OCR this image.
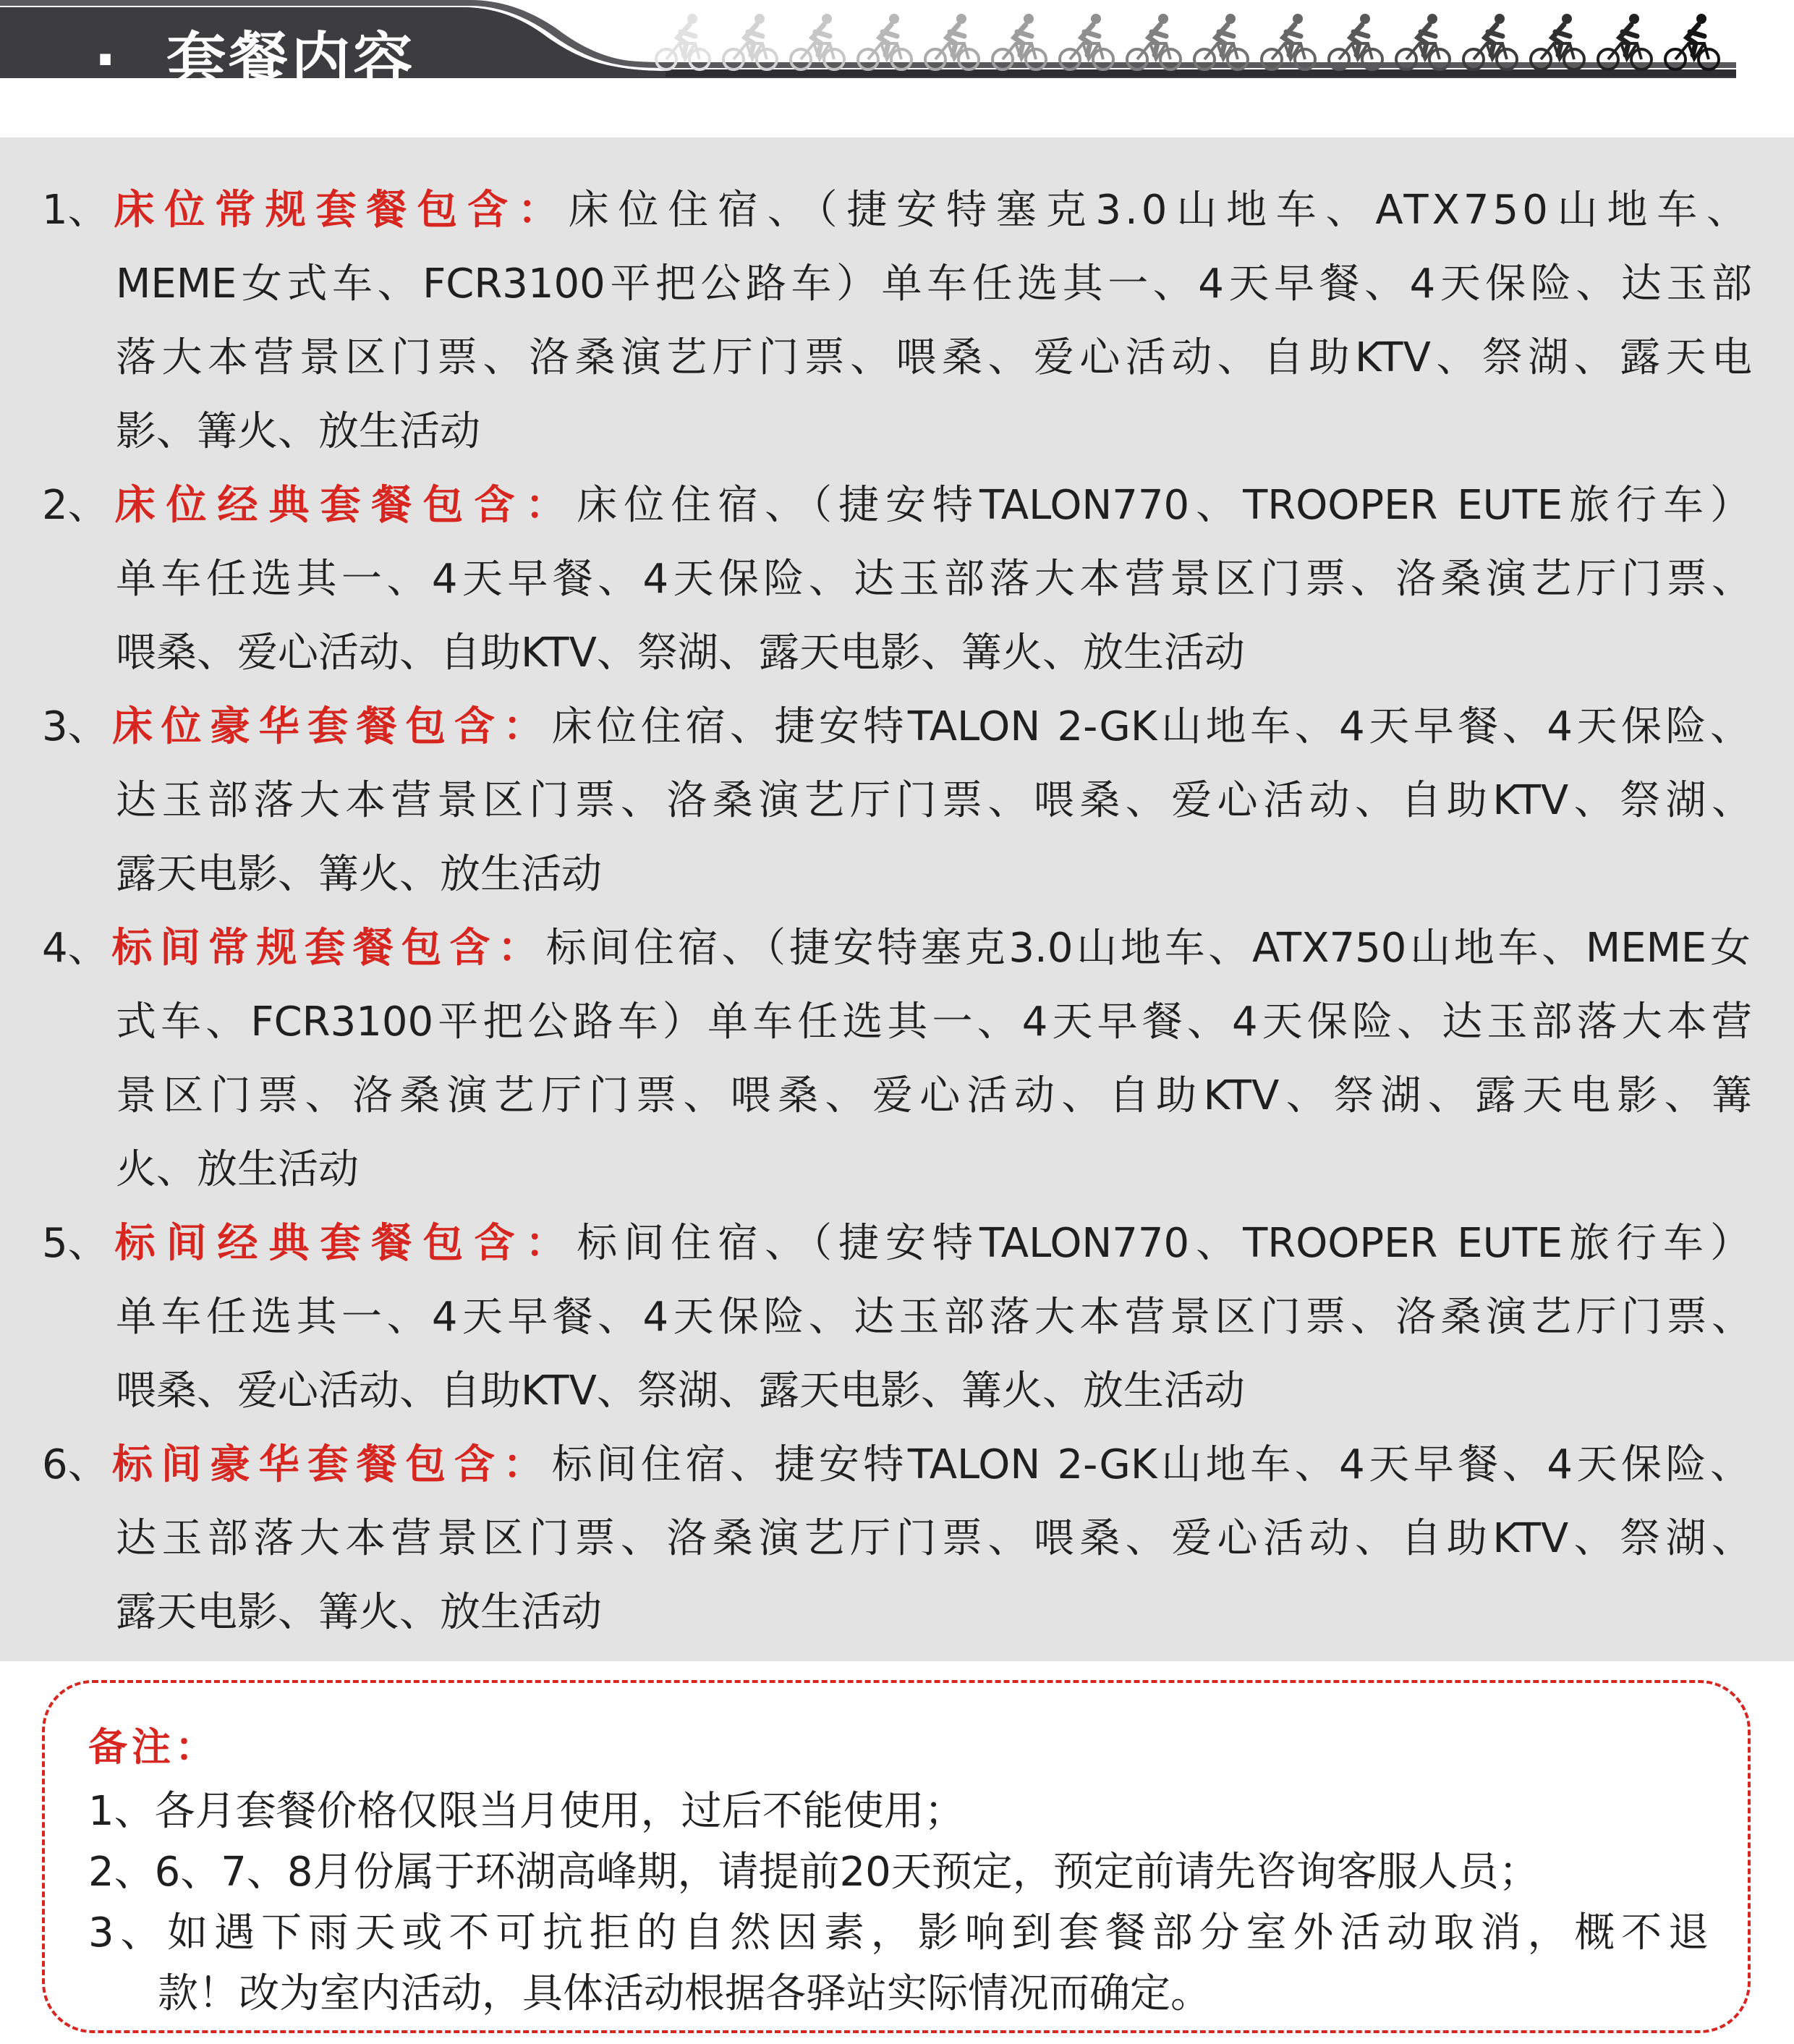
· 套餐内容
1、床位常规套餐包含：床位住宿、（捷安特塞克3.0山地车、ATX750山地车、
MEME女式车、FCR3100平把公路车）单车任选其一、4天早餐、4天保险、达玉部
落大本营景区门票、洛桑演艺厅门票、喂桑、爱心活动、自助KTV、祭湖、露天电
影、篝火、放生活动
2、床位经典套餐包含：床位住宿、（捷安特TALON770、TROOPER EUTE旅行车）
单车任选其一、4天早餐、4天保险、达玉部落大本营景区门票、洛桑演艺厅门票、
喂桑、爱心活动、自助KTV、祭湖、露天电影、篝火、放生活动
3、床位豪华套餐包含：床位住宿、捷安特TALON 2-GK山地车、4天早餐、4天保险、
达玉部落大本营景区门票、洛桑演艺厅门票、喂桑、爱心活动、自助KTV、祭湖、
露天电影、篝火、放生活动
4、标间常规套餐包含：标间住宿、（捷安特塞克3.0山地车、ATX750山地车、MEME女
式车、FCR3100平把公路车）单车任选其一、4天早餐、4天保险、达玉部落大本营
景区门票、洛桑演艺厅门票、喂桑、爱心活动、自助KTV、祭湖、露天电影、篝
火、放生活动
5、标间经典套餐包含：标间住宿、（捷安特TALON770、TROOPER EUTE旅行车）
单车任选其一、4天早餐、4天保险、达玉部落大本营景区门票、洛桑演艺厅门票、
喂桑、爱心活动、自助KTV、祭湖、露天电影、篝火、放生活动
6、标间豪华套餐包含：标间住宿、捷安特TALON 2-GK山地车、4天早餐、4天保险、
达玉部落大本营景区门票、洛桑演艺厅门票、喂桑、爱心活动、自助KTV、祭湖、
露天电影、篝火、放生活动
备注：
1、各月套餐价格仅限当月使用，过后不能使用；
2、6、7、8月份属于环湖高峰期，请提前20天预定，预定前请先咨询客服人员；
3、如遇下雨天或不可抗拒的自然因素，影响到套餐部分室外活动取消，概不退
款！改为室内活动，具体活动根据各驿站实际情况而确定。
